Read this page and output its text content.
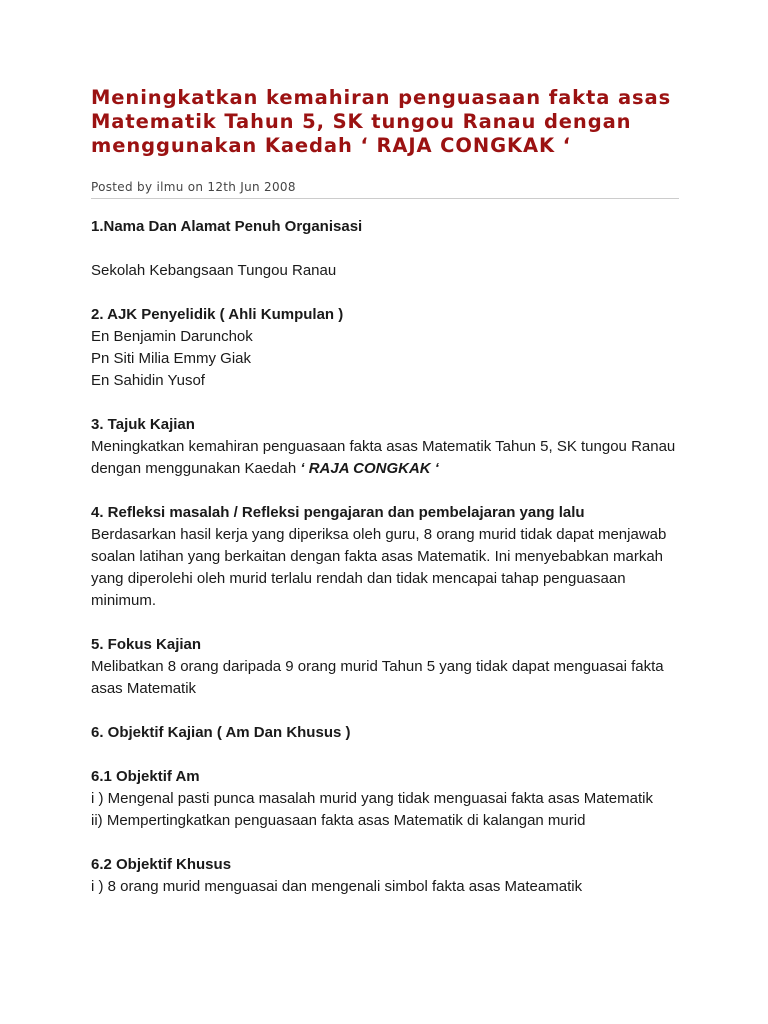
Meningkatkan kemahiran penguasaan fakta asas Matematik Tahun 5, SK tungou Ranau dengan menggunakan Kaedah ‘ RAJA CONGKAK ‘
Posted by ilmu on 12th Jun 2008

1.Nama Dan Alamat Penuh Organisasi

Sekolah Kebangsaan Tungou Ranau

2. AJK Penyelidik ( Ahli Kumpulan )

En Benjamin Darunchok

Pn Siti Milia Emmy Giak

En Sahidin Yusof

3. Tajuk Kajian

Meningkatkan kemahiran penguasaan fakta asas Matematik Tahun 5, SK tungou Ranau dengan menggunakan Kaedah ‘ RAJA CONGKAK ‘

4. Refleksi masalah / Refleksi pengajaran dan pembelajaran yang lalu

Berdasarkan hasil kerja yang diperiksa oleh guru, 8 orang murid tidak dapat menjawab soalan latihan yang berkaitan dengan fakta asas Matematik. Ini menyebabkan markah yang diperolehi oleh murid terlalu rendah dan tidak mencapai tahap penguasaan minimum.

5. Fokus Kajian

Melibatkan 8 orang daripada 9 orang murid Tahun 5 yang tidak dapat menguasai fakta asas Matematik

6. Objektif Kajian ( Am Dan Khusus )

6.1 Objektif Am

i ) Mengenal pasti punca masalah murid yang tidak menguasai fakta asas Matematik

ii) Mempertingkatkan penguasaan fakta asas Matematik di kalangan murid

6.2 Objektif Khusus

i ) 8 orang murid menguasai dan mengenali simbol fakta asas Mateamatik
